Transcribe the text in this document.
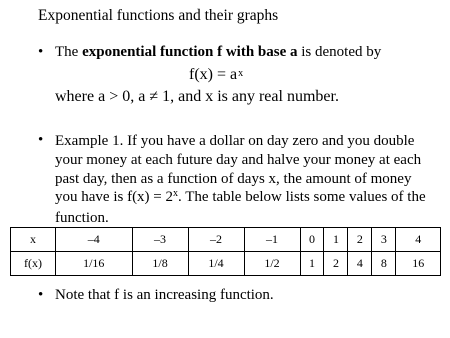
Exponential functions and their graphs
• The exponential function f with base a is denoted by
$f(x) = a^x$
where a > 0, a ≠ 1, and x is any real number.
• Example 1. If you have a dollar on day zero and you double your money at each future day and halve your money at each past day, then as a function of days x, the amount of money you have is $f(x) = 2^x$. The table below lists some values of the function.
x	–4	–3	–2	–1	0	1	2	3	4
f(x)	1/16	1/8	1/4	1/2	1	2	4	8	16
• Note that f is an increasing function.
